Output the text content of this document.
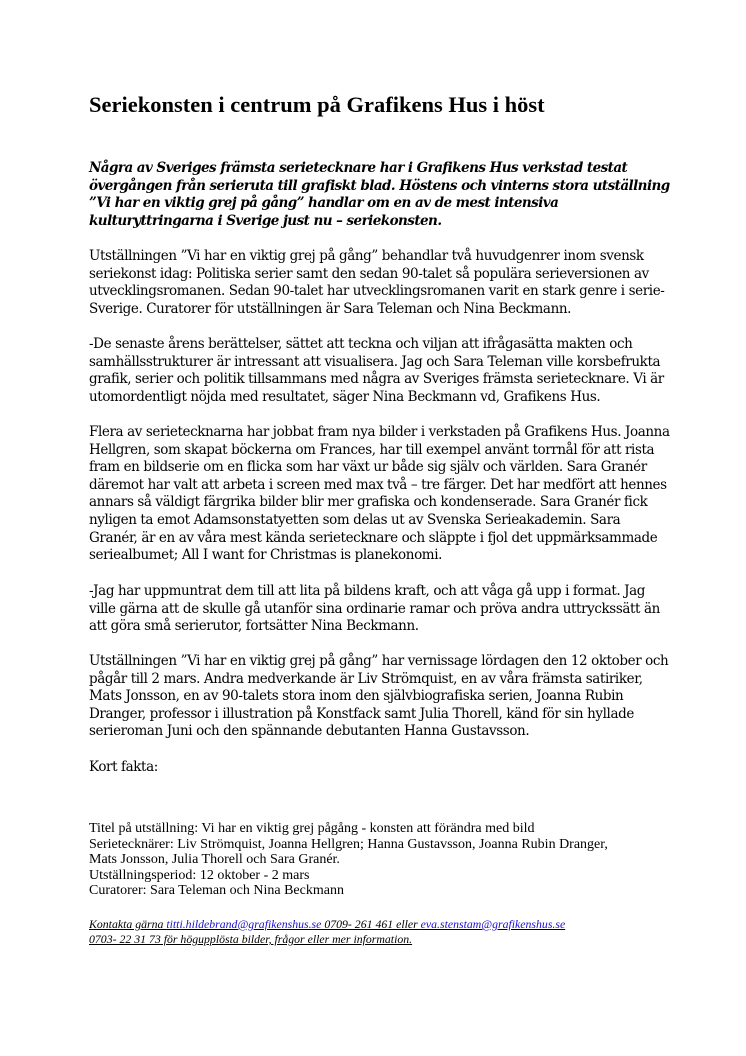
Seriekonsten i centrum på Grafikens Hus i höst

Några av Sveriges främsta serietecknare har i Grafikens Hus verkstad testat
övergången från serieruta till grafiskt blad. Höstens och vinterns stora utställning
”Vi har en viktig grej på gång” handlar om en av de mest intensiva
kulturyttringarna i Sverige just nu – seriekonsten.

Utställningen ”Vi har en viktig grej på gång” behandlar två huvudgenrer inom svensk
seriekonst idag: Politiska serier samt den sedan 90-talet så populära serieversionen av
utvecklingsromanen. Sedan 90-talet har utvecklingsromanen varit en stark genre i serie-
Sverige. Curatorer för utställningen är Sara Teleman och Nina Beckmann.

-De senaste årens berättelser, sättet att teckna och viljan att ifrågasätta makten och
samhällsstrukturer är intressant att visualisera. Jag och Sara Teleman ville korsbefrukta
grafik, serier och politik tillsammans med några av Sveriges främsta serietecknare. Vi är
utomordentligt nöjda med resultatet, säger Nina Beckmann vd, Grafikens Hus.

Flera av serietecknarna har jobbat fram nya bilder i verkstaden på Grafikens Hus. Joanna
Hellgren, som skapat böckerna om Frances, har till exempel använt torrnål för att rista
fram en bildserie om en flicka som har växt ur både sig själv och världen. Sara Granér
däremot har valt att arbeta i screen med max två – tre färger. Det har medfört att hennes
annars så väldigt färgrika bilder blir mer grafiska och kondenserade. Sara Granér fick
nyligen ta emot Adamsonstatyetten som delas ut av Svenska Serieakademin. Sara
Granér, är en av våra mest kända serietecknare och släppte i fjol det uppmärksammade
seriealbumet; All I want for Christmas is planekonomi.

-Jag har uppmuntrat dem till att lita på bildens kraft, och att våga gå upp i format. Jag
ville gärna att de skulle gå utanför sina ordinarie ramar och pröva andra uttryckssätt än
att göra små serierutor, fortsätter Nina Beckmann.

Utställningen ”Vi har en viktig grej på gång” har vernissage lördagen den 12 oktober och
pågår till 2 mars. Andra medverkande är Liv Strömquist, en av våra främsta satiriker,
Mats Jonsson, en av 90-talets stora inom den självbiografiska serien, Joanna Rubin
Dranger, professor i illustration på Konstfack samt Julia Thorell, känd för sin hyllade
serieroman Juni och den spännande debutanten Hanna Gustavsson.

Kort fakta:

Titel på utställning: Vi har en viktig grej pågång - konsten att förändra med bild
Serietecknärer: Liv Strömquist, Joanna Hellgren; Hanna Gustavsson, Joanna Rubin Dranger,
Mats Jonsson, Julia Thorell och Sara Granér.
Utställningsperiod: 12 oktober - 2 mars
Curatorer: Sara Teleman och Nina Beckmann

Kontakta gärna titti.hildebrand@grafikenshus.se 0709- 261 461 eller eva.stenstam@grafikenshus.se
0703- 22 31 73 för högupplösta bilder, frågor eller mer information.
